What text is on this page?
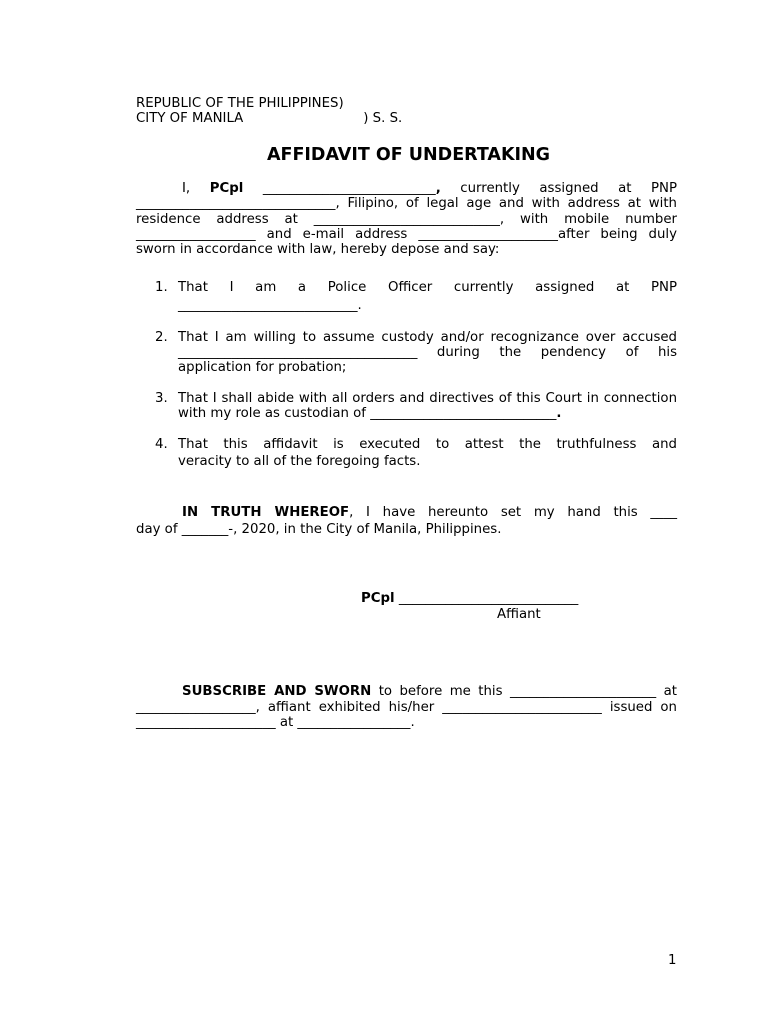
REPUBLIC OF THE PHILIPPINES)
CITY OF MANILA	) S. S.
AFFIDAVIT OF UNDERTAKING
I, PCpl __________________________, currently assigned at PNP ______________________________, Filipino, of legal age and with address at with residence address at ____________________________, with mobile number __________________ and e-mail address _____________________after being duly sworn in accordance with law, hereby depose and say:
1. That I am a Police Officer currently assigned at PNP
___________________________.
2. That I am willing to assume custody and/or recognizance over accused ____________________________________ during the pendency of his application for probation;
3. That I shall abide with all orders and directives of this Court in connection with my role as custodian of ____________________________.
4. That this affidavit is executed to attest the truthfulness and
veracity to all of the foregoing facts.
IN TRUTH WHEREOF, I have hereunto set my hand this ____
day of _______-, 2020, in the City of Manila, Philippines.
PCpl ___________________________
Affiant
SUBSCRIBE AND SWORN to before me this ______________________ at __________________, affiant exhibited his/her ________________________ issued on _____________________ at _________________.
1
